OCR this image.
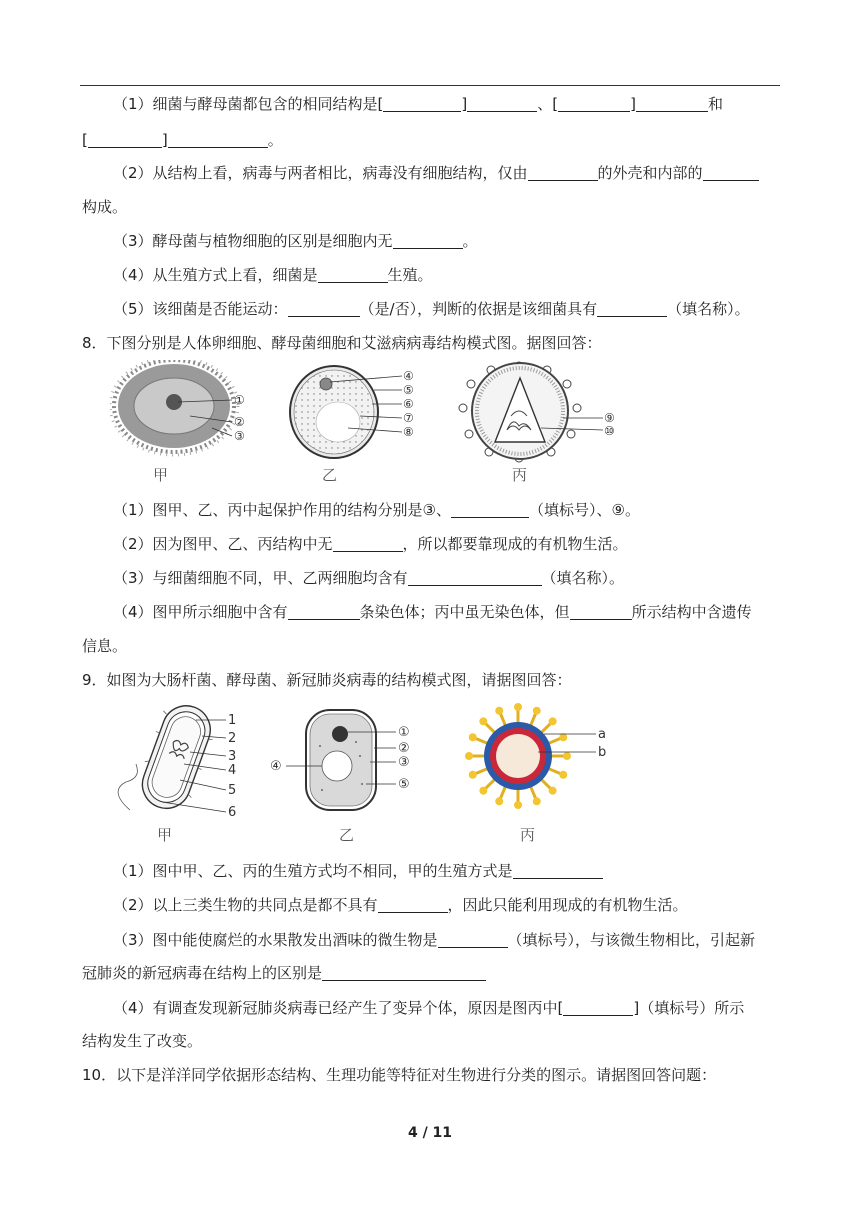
（1）细菌与酵母菌都包含的相同结构是[	]	、[	]	和
[	]	。
（2）从结构上看，病毒与两者相比，病毒没有细胞结构，仅由	的外壳和内部的
构成。
（3）酵母菌与植物细胞的区别是细胞内无	。
（4）从生殖方式上看，细菌是	生殖。
（5）该细菌是否能运动：	（是/否），判断的依据是该细菌具有	（填名称）。
8．下图分别是人体卵细胞、酵母菌细胞和艾滋病病毒结构模式图。据图回答：
①
②
③
甲
④
⑤
⑥
⑦
⑧
乙
⑨
⑩
丙
（1）图甲、乙、丙中起保护作用的结构分别是③、	（填标号）、⑨。
（2）因为图甲、乙、丙结构中无	，所以都要靠现成的有机物生活。
（3）与细菌细胞不同，甲、乙两细胞均含有	（填名称）。
（4）图甲所示细胞中含有	条染色体；丙中虽无染色体，但	所示结构中含遗传
信息。
9．如图为大肠杆菌、酵母菌、新冠肺炎病毒的结构模式图，请据图回答：
1
2
3
4
5
6
甲
①
②
③
⑤
④
乙
a
b
丙
（1）图中甲、乙、丙的生殖方式均不相同，甲的生殖方式是
（2）以上三类生物的共同点是都不具有	，因此只能利用现成的有机物生活。
（3）图中能使腐烂的水果散发出酒味的微生物是	（填标号），与该微生物相比，引起新
冠肺炎的新冠病毒在结构上的区别是
（4）有调查发现新冠肺炎病毒已经产生了变异个体，原因是图丙中[	]（填标号）所示
结构发生了改变。
10．以下是洋洋同学依据形态结构、生理功能等特征对生物进行分类的图示。请据图回答问题：
4 / 11
